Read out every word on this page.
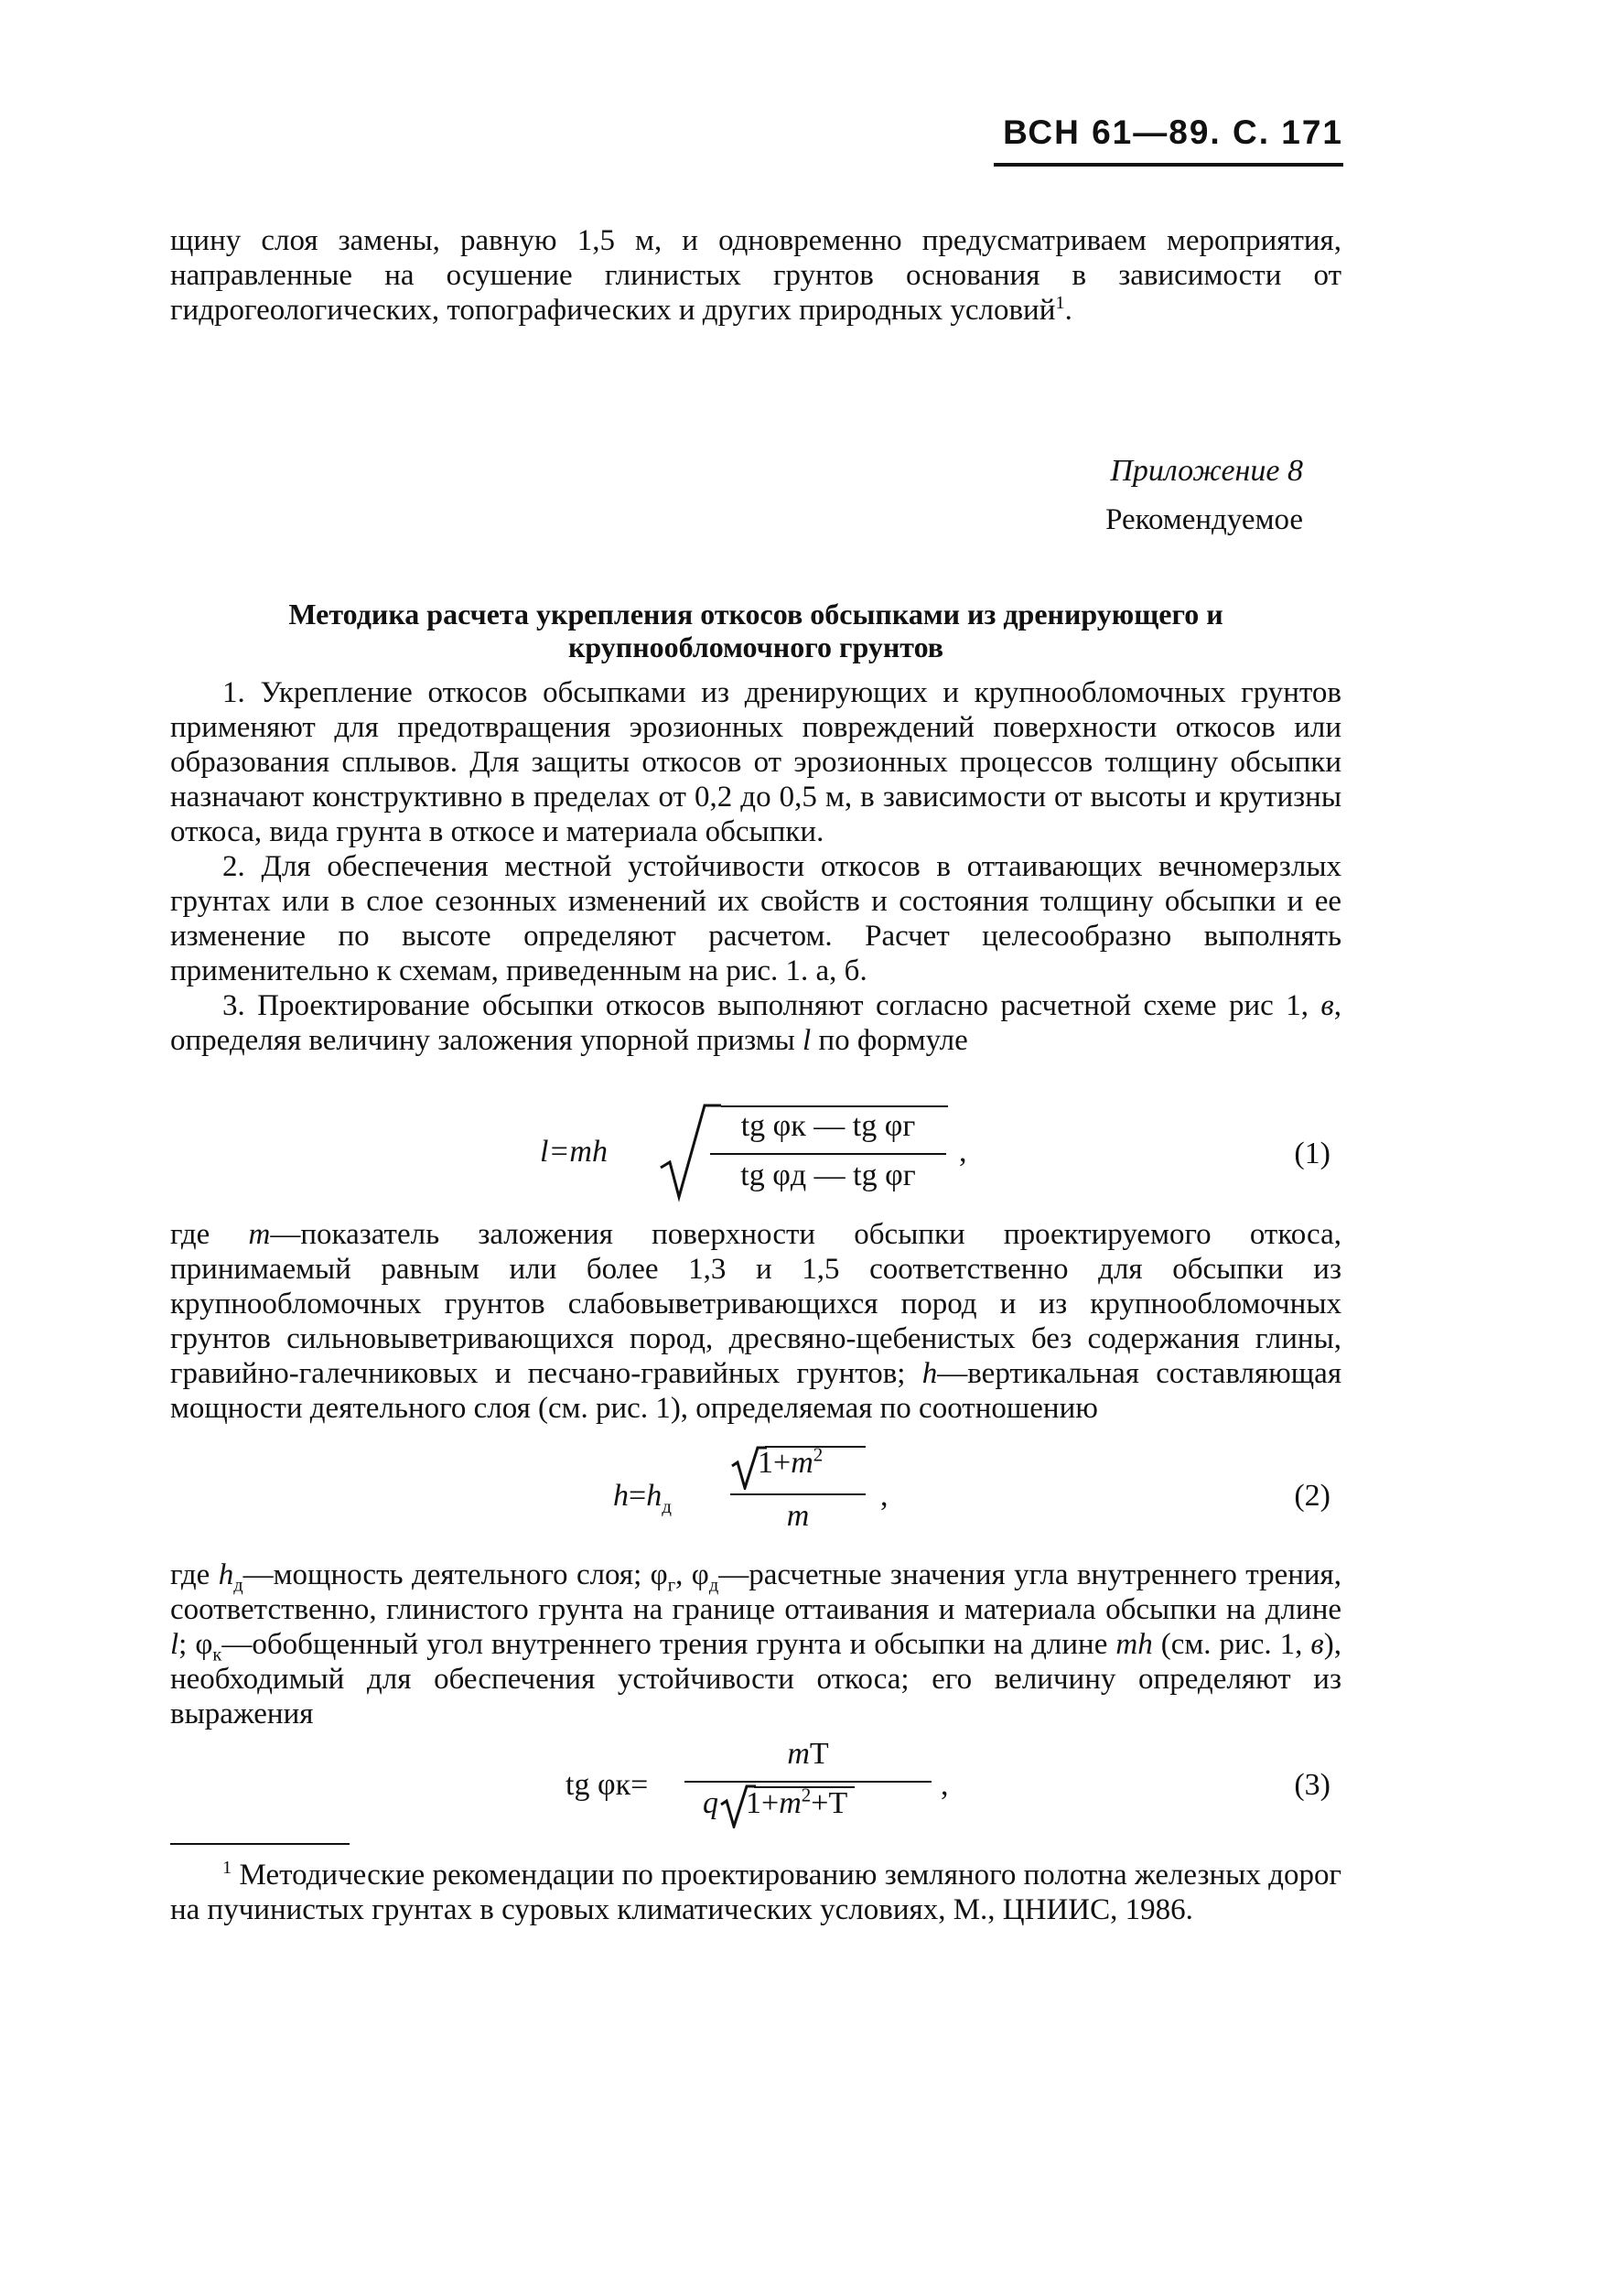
ВСН 61—89. С. 171
щину слоя замены, равную 1,5 м, и одновременно предусматриваем мероприятия, направленные на осушение глинистых грунтов основания в зависимости от гидрогеологических, топографических и других природных условий$^1$.
Приложение 8
Рекомендуемое
Методика расчета укрепления откосов обсыпками из дренирующего и крупнообломочного грунтов

1. Укрепление откосов обсыпками из дренирующих и крупнообломочных грунтов применяют для предотвращения эрозионных повреждений поверхности откосов или образования сплывов. Для защиты откосов от эрозионных процессов толщину обсыпки назначают конструктивно в пределах от 0,2 до 0,5 м, в зависимости от высоты и крутизны откоса, вида грунта в откосе и материала обсыпки.

2. Для обеспечения местной устойчивости откосов в оттаивающих вечномерзлых грунтах или в слое сезонных изменений их свойств и состояния толщину обсыпки и ее изменение по высоте определяют расчетом. Расчет целесообразно выполнять применительно к схемам, приведенным на рис. 1. а, б.

3. Проектирование обсыпки откосов выполняют согласно расчетной схеме рис 1, в, определяя величину заложения упорной призмы l по формуле

l=mh
tg φк — tg φг
tg φд — tg φг
,	(1)
где m—показатель заложения поверхности обсыпки проектируемого откоса, принимаемый равным или более 1,3 и 1,5 соответственно для обсыпки из крупнообломочных грунтов слабовыветривающихся пород и из крупнообломочных грунтов сильновыветривающихся пород, дресвяно-щебенистых без содержания глины, гравийно-галечниковых и песчано-гравийных грунтов; h—вертикальная составляющая мощности деятельного слоя (см. рис. 1), определяемая по соотношению
$h=h_д$
$1+m^2$
m
,	(2)
где $h_д—мощность$ деятельного слоя; $\varphi_г$, $\varphi_д—расчетные$ значения угла внутреннего трения, соответственно, глинистого грунта на границе оттаивания и материала обсыпки на длине l; $\varphi_к—обобщенный$ угол внутреннего трения грунта и обсыпки на длине mh (см. рис. 1, в), необходимый для обеспечения устойчивости откоса; его величину определяют из выражения
tg φк=
mT
q $1+m^2+T$
,	(3)
$^1$ Методические рекомендации по проектированию земляного полотна железных дорог на пучинистых грунтах в суровых климатических условиях, М., ЦНИИС, 1986.
